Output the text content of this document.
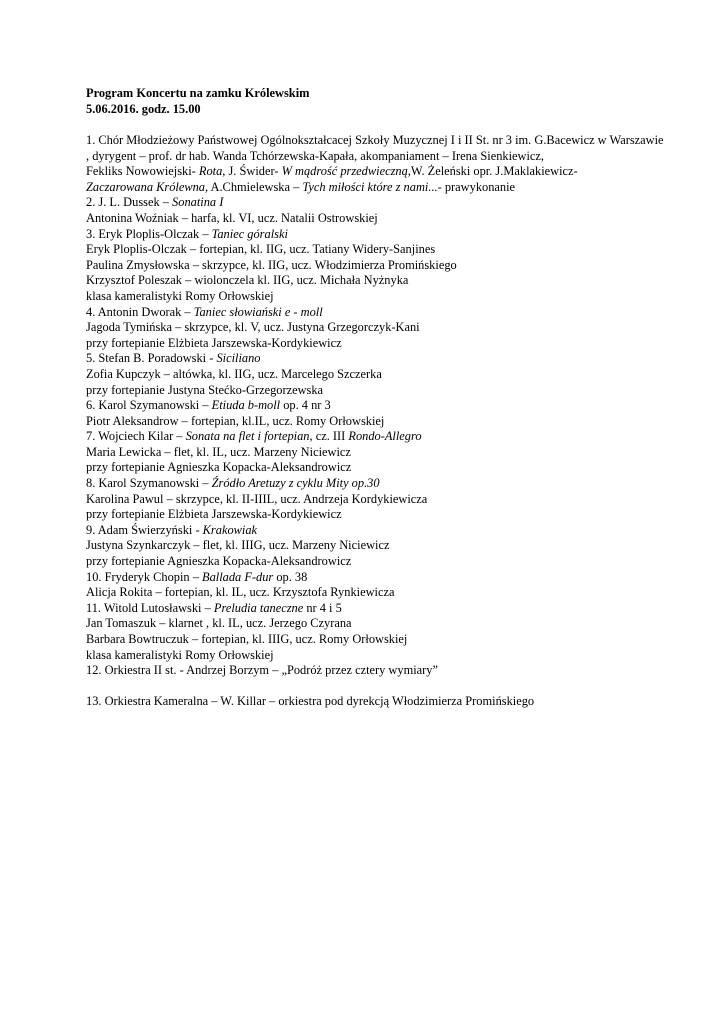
Program Koncertu na zamku Królewskim
5.06.2016. godz. 15.00
1. Chór Młodzieżowy Państwowej Ogólnokształcacej Szkoły Muzycznej I i II St. nr 3 im. G.Bacewicz w Warszawie , dyrygent – prof. dr hab. Wanda Tchórzewska-Kapała, akompaniament – Irena Sienkiewicz,
Fekliks Nowowiejski- Rota, J. Świder- W mądrość przedwieczną,W. Żeleński opr. J.Maklakiewicz-
Zaczarowana Królewna, A.Chmielewska – Tych miłości które z nami...- prawykonanie
2. J. L. Dussek – Sonatina I
Antonina Woźniak – harfa, kl. VI, ucz. Natalii Ostrowskiej
3. Eryk Ploplis-Olczak – Taniec góralski
Eryk Ploplis-Olczak – fortepian, kl. IIG, ucz. Tatiany Widery-Sanjines
Paulina Zmysłowska – skrzypce, kl. IIG, ucz. Włodzimierza Promińskiego
Krzysztof Poleszak – wiolonczela kl. IIG, ucz. Michała Nyżnyka
klasa kameralistyki Romy Orłowskiej
4. Antonin Dworak – Taniec słowiański e - moll
Jagoda Tymińska – skrzypce, kl. V, ucz. Justyna Grzegorczyk-Kani
przy fortepianie Elżbieta Jarszewska-Kordykiewicz
5. Stefan B. Poradowski - Siciliano
Zofia Kupczyk – altówka, kl. IIG, ucz. Marcelego Szczerka
przy fortepianie Justyna Stećko-Grzegorzewska
6. Karol Szymanowski – Etiuda b-moll op. 4 nr 3
Piotr Aleksandrow – fortepian, kl.IL, ucz. Romy Orłowskiej
7. Wojciech Kilar – Sonata na flet i fortepian, cz. III Rondo-Allegro
Maria Lewicka – flet, kl. IL, ucz. Marzeny Niciewicz
przy fortepianie Agnieszka Kopacka-Aleksandrowicz
8. Karol Szymanowski – Źródło Aretuzy z cyklu Mity op.30
Karolina Pawul – skrzypce, kl. II-IIIL, ucz. Andrzeja Kordykiewicza
przy fortepianie Elżbieta Jarszewska-Kordykiewicz
9. Adam Świerzyński - Krakowiak
Justyna Szynkarczyk – flet, kl. IIIG, ucz. Marzeny Niciewicz
przy fortepianie Agnieszka Kopacka-Aleksandrowicz
10. Fryderyk Chopin – Ballada F-dur op. 38
Alicja Rokita – fortepian, kl. IL, ucz. Krzysztofa Rynkiewicza
11. Witold Lutosławski – Preludia taneczne nr 4 i 5
Jan Tomaszuk – klarnet , kl. IL, ucz. Jerzego Czyrana
Barbara Bowtruczuk – fortepian, kl. IIIG, ucz. Romy Orłowskiej
klasa kameralistyki Romy Orłowskiej
12. Orkiestra II st. - Andrzej Borzym – „Podróż przez cztery wymiary”
13. Orkiestra Kameralna – W. Killar – orkiestra pod dyrekcją Włodzimierza Promińskiego
